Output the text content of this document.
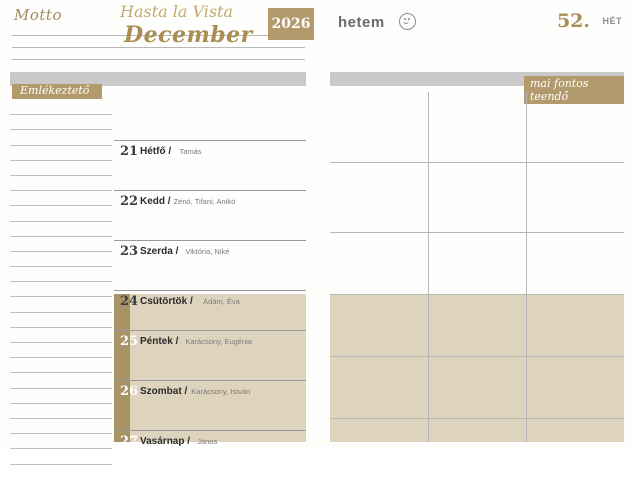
Motto	Hasta la Vista
December 2026 hetem	52. HÉT
Emlékeztető
mai fontos teendő
21 Hétfő / Tamás
22 Kedd / Zénó, Tifani, Anikó
23 Szerda / Viktória, Niké
24 Csütörtök / Ádám, Éva
25 Péntek / Karácsony, Eugénia
26 Szombat / Karácsony, István
27 Vasárnap / János
